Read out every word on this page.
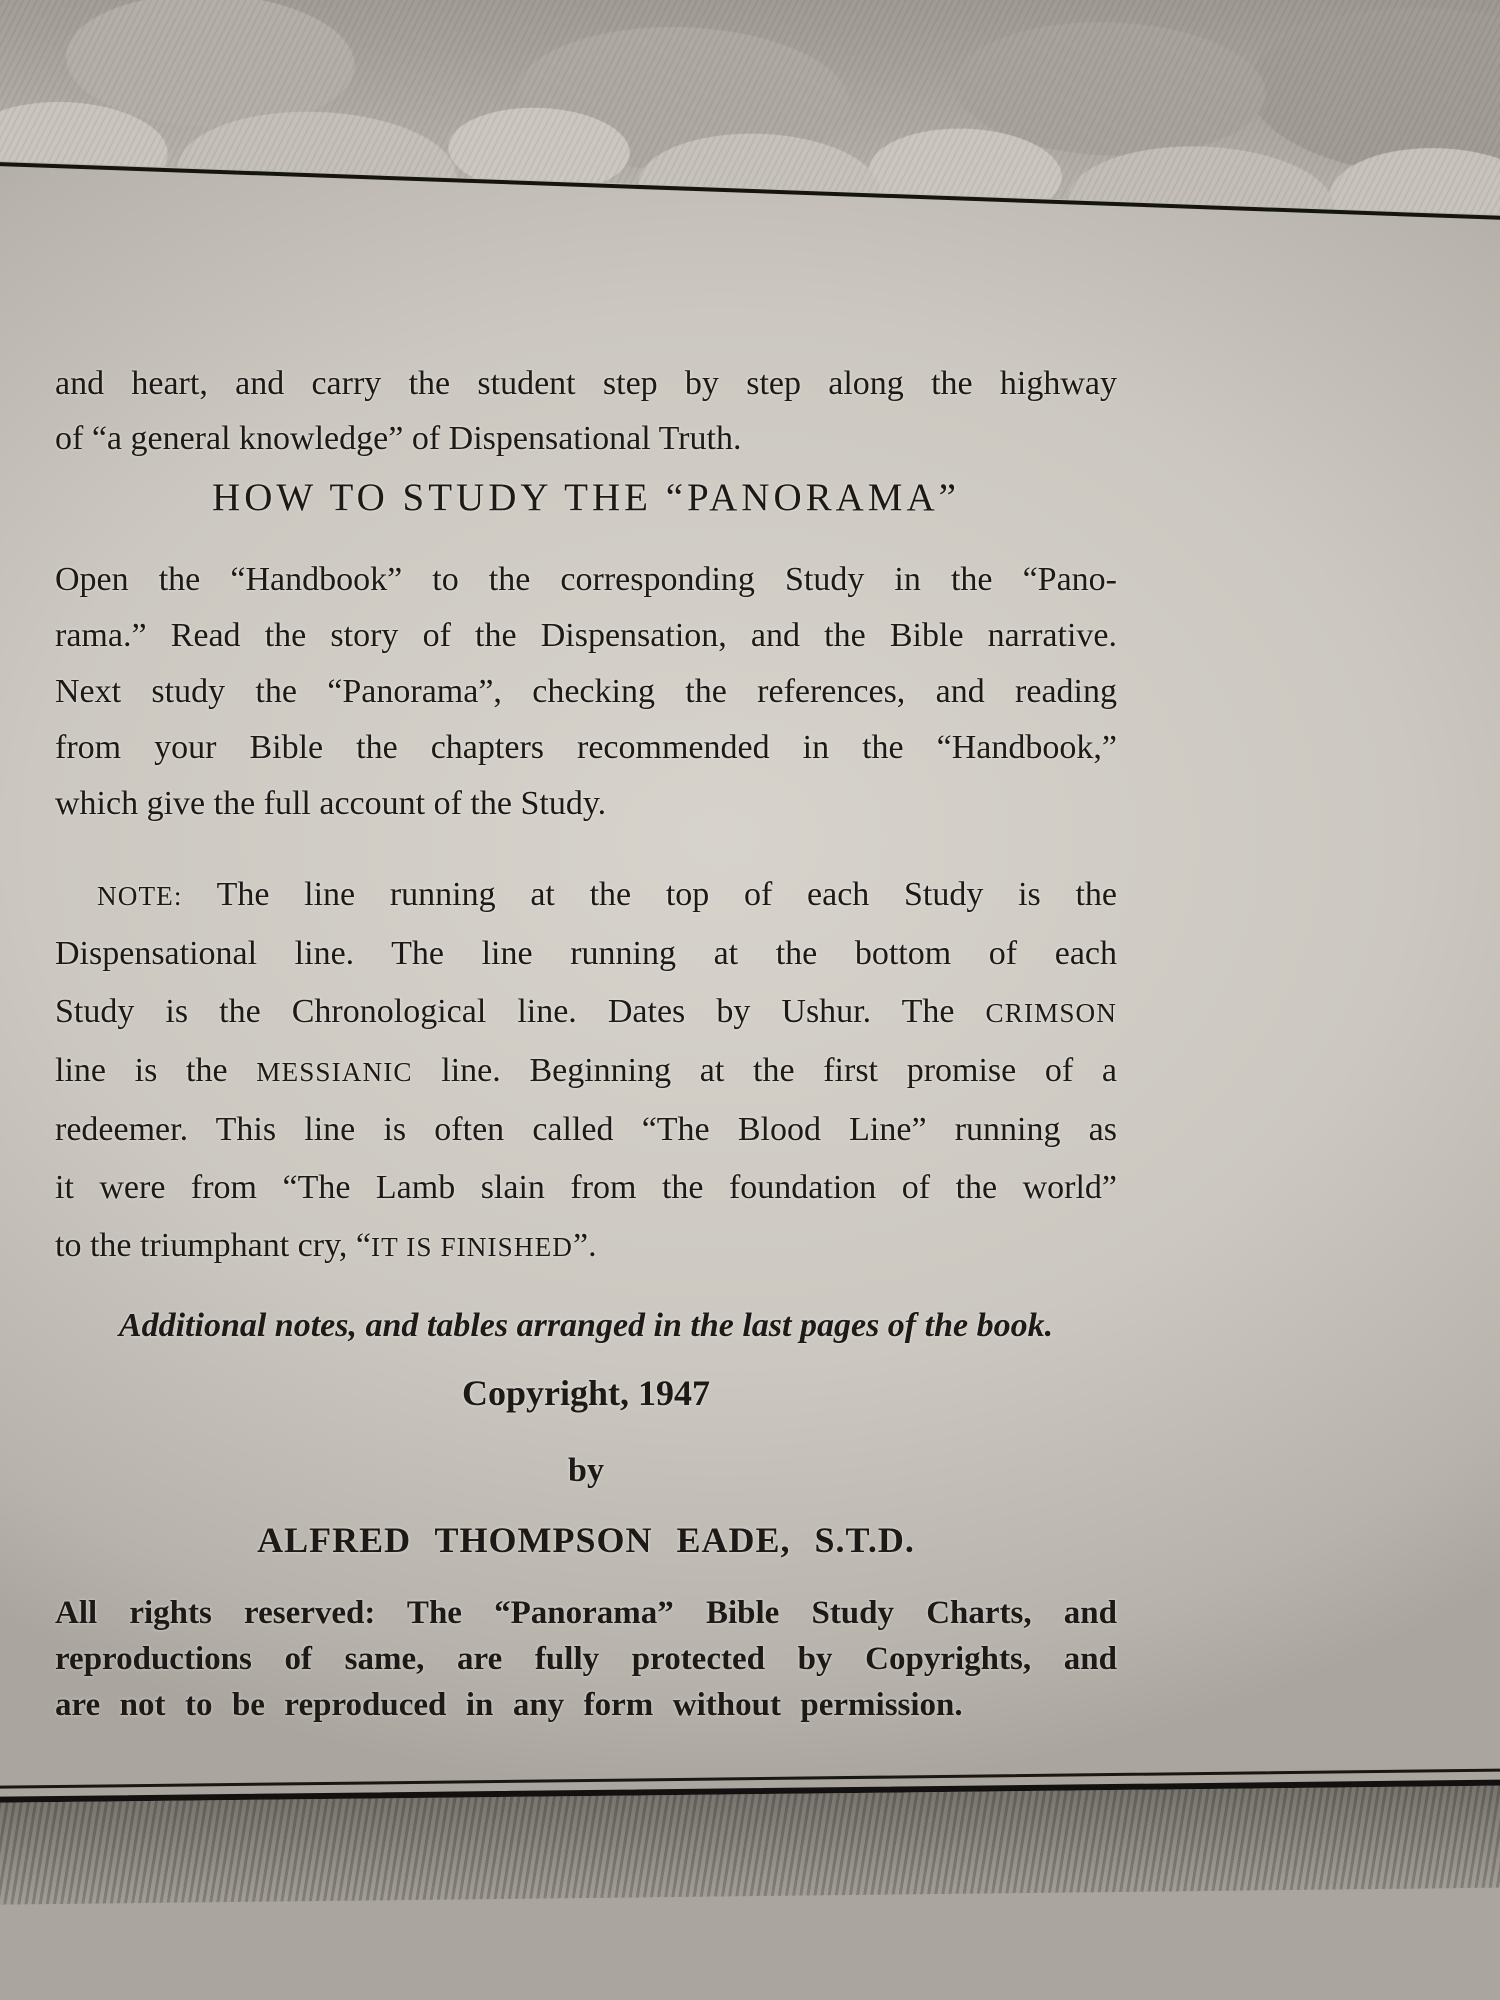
and heart, and carry the student step by step along the highway
of “a general knowledge” of Dispensational Truth.
HOW TO STUDY THE “PANORAMA”
Open the “Handbook” to the corresponding Study in the “Pano-
rama.” Read the story of the Dispensation, and the Bible narrative.
Next study the “Panorama”, checking the references, and reading
from your Bible the chapters recommended in the “Handbook,”
which give the full account of the Study.
NOTE: The line running at the top of each Study is the
Dispensational line. The line running at the bottom of each
Study is the Chronological line. Dates by Ushur. The CRIMSON
line is the MESSIANIC line. Beginning at the first promise of a
redeemer. This line is often called “The Blood Line” running as
it were from “The Lamb slain from the foundation of the world”
to the triumphant cry, “IT IS FINISHED”.
Additional notes, and tables arranged in the last pages of the book.
Copyright, 1947
by
ALFRED THOMPSON EADE, S.T.D.
All rights reserved: The “Panorama” Bible Study Charts, and
reproductions of same, are fully protected by Copyrights, and
are not to be reproduced in any form without permission.
